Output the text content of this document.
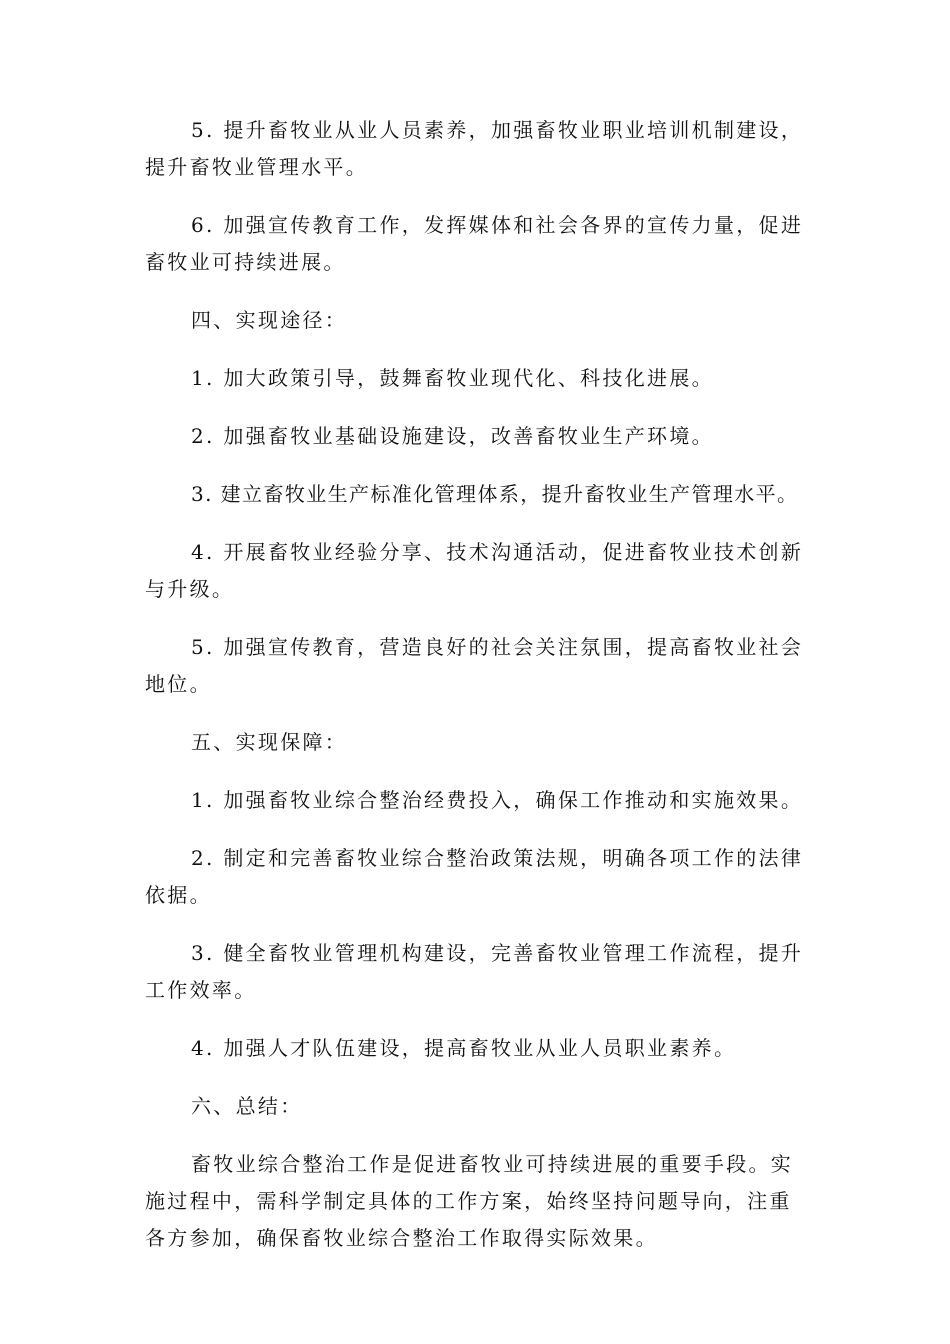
5. 提升畜牧业从业人员素养，加强畜牧业职业培训机制建设，提升畜牧业管理水平。

6. 加强宣传教育工作，发挥媒体和社会各界的宣传力量，促进畜牧业可持续进展。

四、实现途径：

1. 加大政策引导，鼓舞畜牧业现代化、科技化进展。

2. 加强畜牧业基础设施建设，改善畜牧业生产环境。

3. 建立畜牧业生产标准化管理体系，提升畜牧业生产管理水平。

4. 开展畜牧业经验分享、技术沟通活动，促进畜牧业技术创新与升级。

5. 加强宣传教育，营造良好的社会关注氛围，提高畜牧业社会地位。

五、实现保障：

1. 加强畜牧业综合整治经费投入，确保工作推动和实施效果。

2. 制定和完善畜牧业综合整治政策法规，明确各项工作的法律依据。

3. 健全畜牧业管理机构建设，完善畜牧业管理工作流程，提升工作效率。

4. 加强人才队伍建设，提高畜牧业从业人员职业素养。

六、总结：

畜牧业综合整治工作是促进畜牧业可持续进展的重要手段。实施过程中，需科学制定具体的工作方案，始终坚持问题导向，注重各方参加，确保畜牧业综合整治工作取得实际效果。
